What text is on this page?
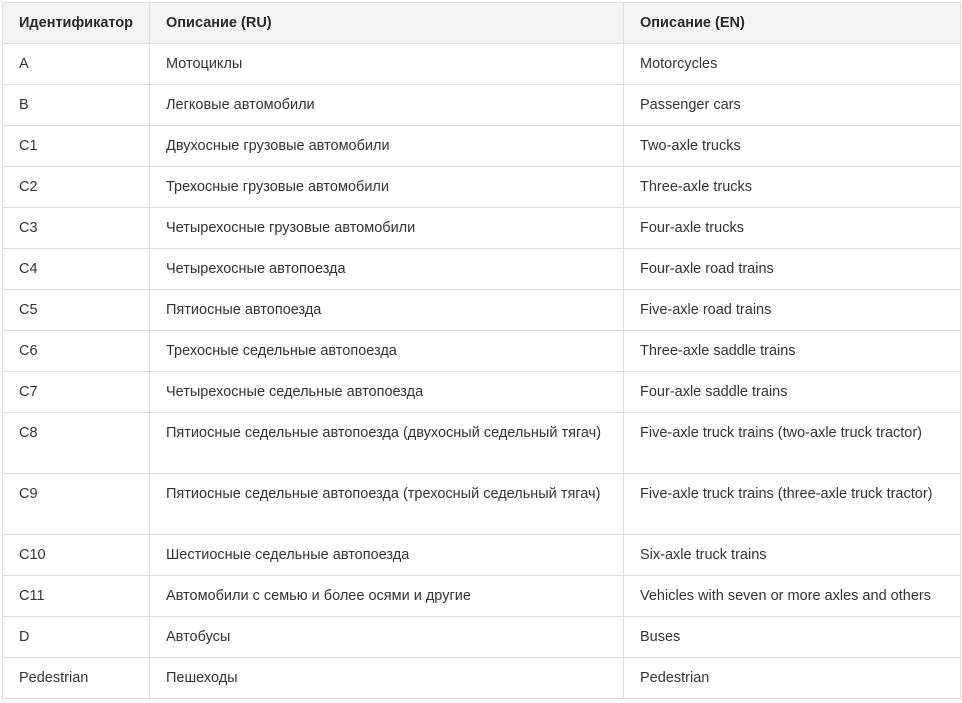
Идентификатор	Описание (RU)	Описание (EN)
A	Мотоциклы	Motorcycles
B	Легковые автомобили	Passenger cars
C1	Двухосные грузовые автомобили	Two-axle trucks
C2	Трехосные грузовые автомобили	Three-axle trucks
C3	Четырехосные грузовые автомобили	Four-axle trucks
C4	Четырехосные автопоезда	Four-axle road trains
C5	Пятиосные автопоезда	Five-axle road trains
C6	Трехосные седельные автопоезда	Three-axle saddle trains
C7	Четырехосные седельные автопоезда	Four-axle saddle trains
C8	Пятиосные седельные автопоезда (двухосный седельный тягач)	Five-axle truck trains (two-axle truck tractor)
C9	Пятиосные седельные автопоезда (трехосный седельный тягач)	Five-axle truck trains (three-axle truck tractor)
C10	Шестиосные седельные автопоезда	Six-axle truck trains
C11	Автомобили с семью и более осями и другие	Vehicles with seven or more axles and others
D	Автобусы	Buses
Pedestrian	Пешеходы	Pedestrian
